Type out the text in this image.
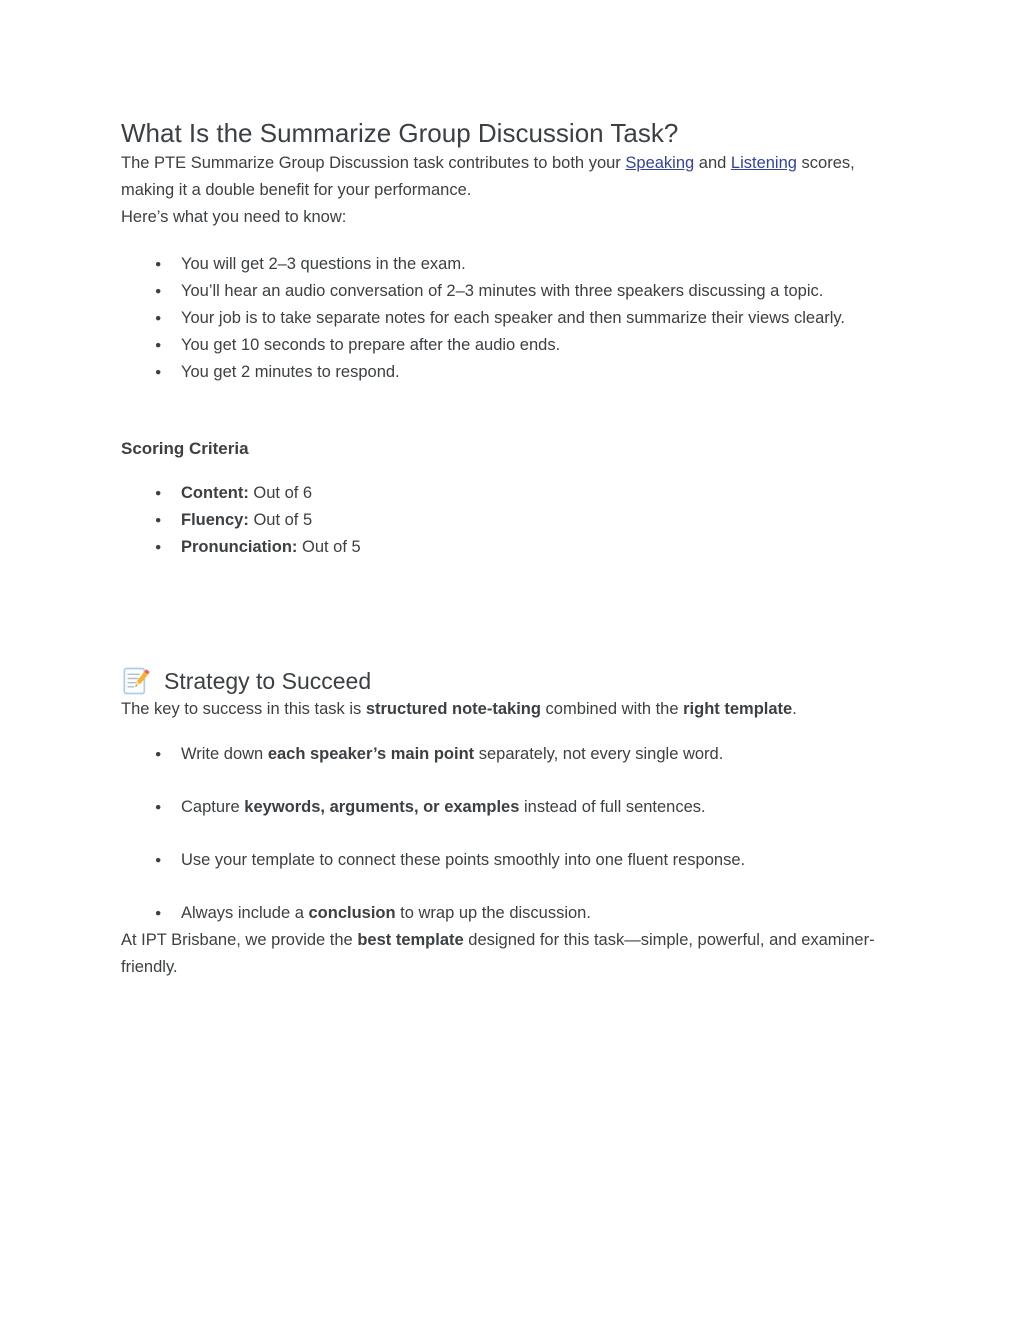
What Is the Summarize Group Discussion Task?

The PTE Summarize Group Discussion task contributes to both your Speaking and Listening scores, making it a double benefit for your performance.

Here’s what you need to know:

● You will get 2–3 questions in the exam.
● You’ll hear an audio conversation of 2–3 minutes with three speakers discussing a topic.
● Your job is to take separate notes for each speaker and then summarize their views clearly.
● You get 10 seconds to prepare after the audio ends.
● You get 2 minutes to respond.
Scoring Criteria
● Content: Out of 6
● Fluency: Out of 5
● Pronunciation: Out of 5
Strategy to Succeed

The key to success in this task is structured note-taking combined with the right template.

● Write down each speaker’s main point separately, not every single word.
● Capture keywords, arguments, or examples instead of full sentences.
● Use your template to connect these points smoothly into one fluent response.
● Always include a conclusion to wrap up the discussion.

At IPT Brisbane, we provide the best template designed for this task—simple, powerful, and examiner-friendly.
